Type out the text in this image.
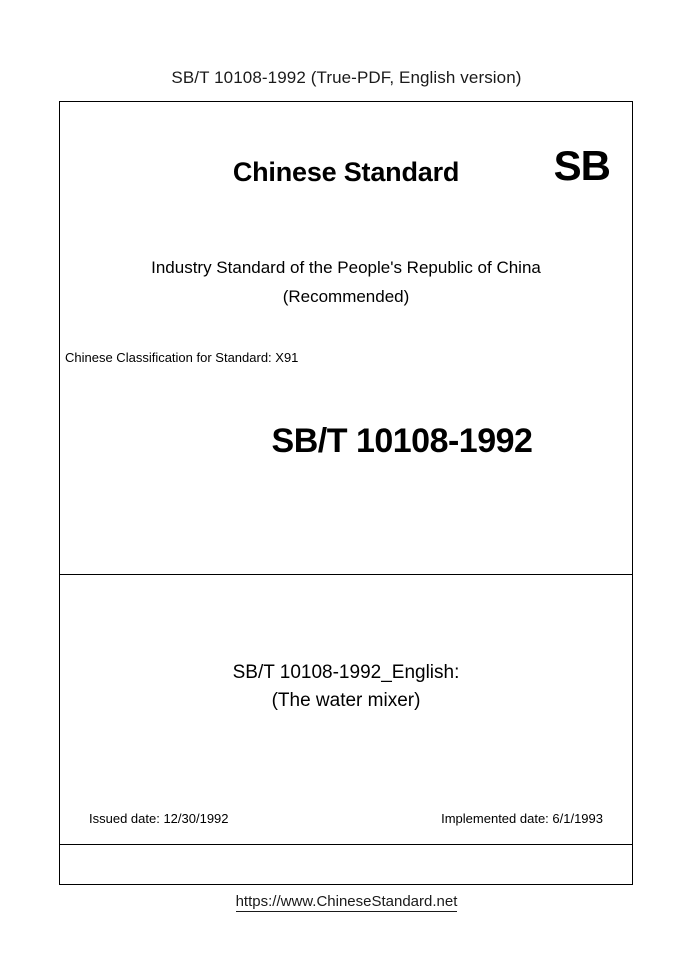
SB/T 10108-1992 (True-PDF, English version)
Chinese Standard	SB
Industry Standard of the People's Republic of China
(Recommended)
Chinese Classification for Standard: X91
SB/T 10108-1992
SB/T 10108-1992_English:
(The water mixer)
Issued date: 12/30/1992	Implemented date: 6/1/1993
https://www.ChineseStandard.net
